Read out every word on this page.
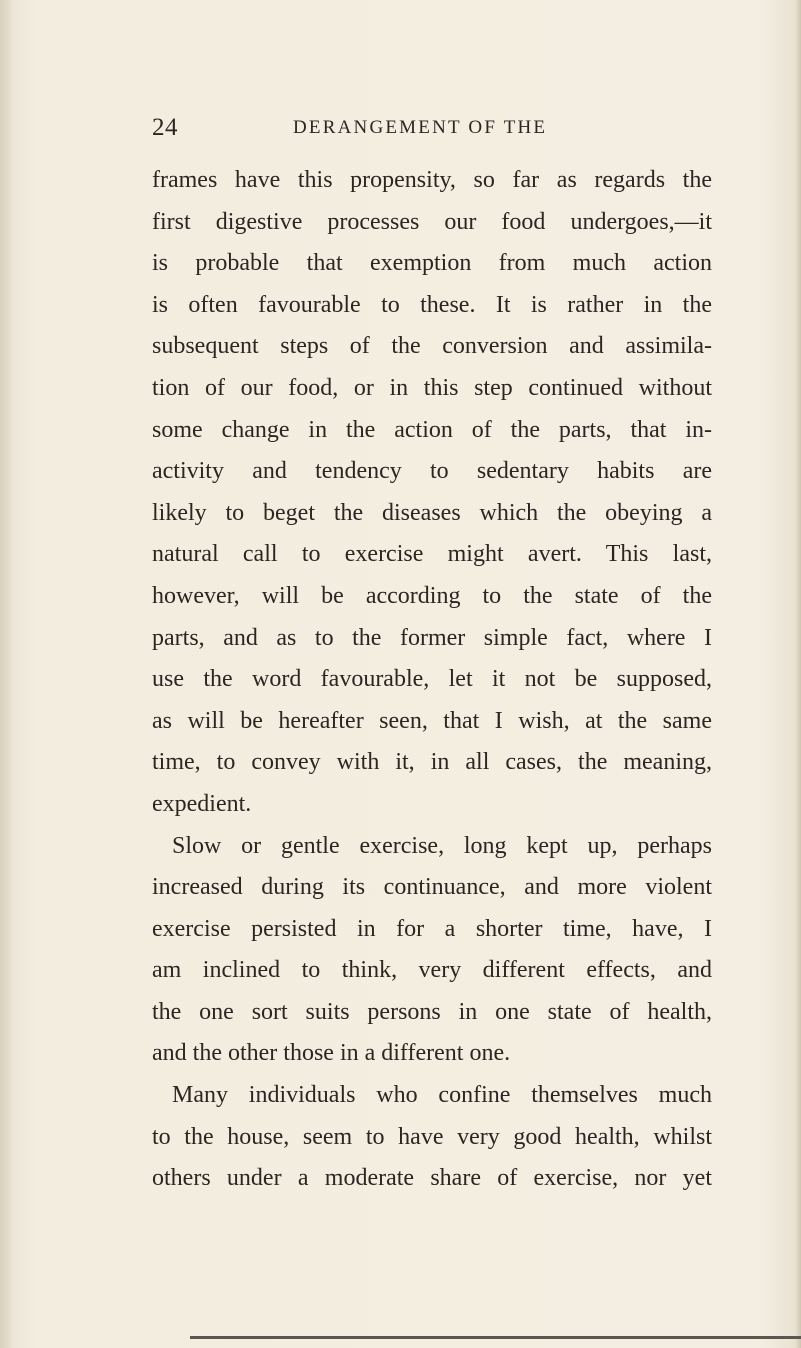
24	DERANGEMENT OF THE
frames have this propensity, so far as regards the
first digestive processes our food undergoes,—it
is probable that exemption from much action
is often favourable to these. It is rather in the
subsequent steps of the conversion and assimila-
tion of our food, or in this step continued without
some change in the action of the parts, that in-
activity and tendency to sedentary habits are
likely to beget the diseases which the obeying a
natural call to exercise might avert. This last,
however, will be according to the state of the
parts, and as to the former simple fact, where I
use the word favourable, let it not be supposed,
as will be hereafter seen, that I wish, at the same
time, to convey with it, in all cases, the meaning,
expedient.
Slow or gentle exercise, long kept up, perhaps
increased during its continuance, and more violent
exercise persisted in for a shorter time, have, I
am inclined to think, very different effects, and
the one sort suits persons in one state of health,
and the other those in a different one.
Many individuals who confine themselves much
to the house, seem to have very good health, whilst
others under a moderate share of exercise, nor yet
